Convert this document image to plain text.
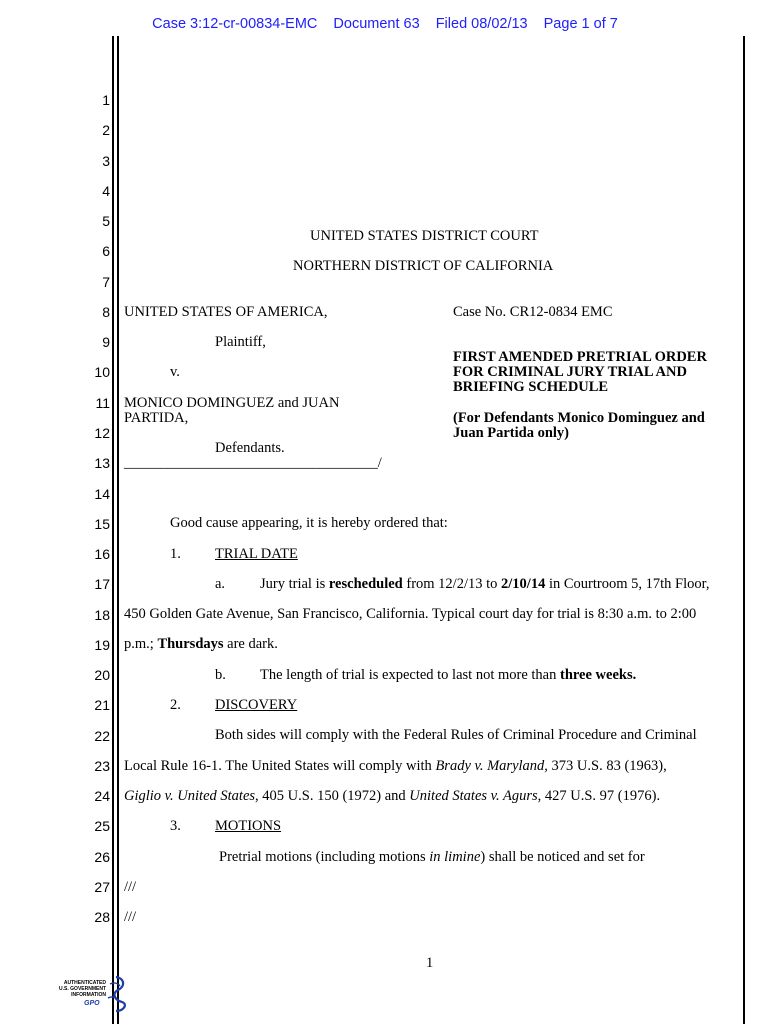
Case 3:12-cr-00834-EMC Document 63 Filed 08/02/13 Page 1 of 7
1
2
3
4
5
6
7
8
9
10
11
12
13
14
15
16
17
18
19
20
21
22
23
24
25
26
27
28
UNITED STATES DISTRICT COURT
NORTHERN DISTRICT OF CALIFORNIA
UNITED STATES OF AMERICA,
Plaintiff,
v.
MONICO DOMINGUEZ and JUAN
PARTIDA,
Defendants.
___________________________________/
Case No. CR12-0834 EMC
FIRST AMENDED PRETRIAL ORDER
FOR CRIMINAL JURY TRIAL AND
BRIEFING SCHEDULE
(For Defendants Monico Dominguez and
Juan Partida only)
Good cause appearing, it is hereby ordered that:
1. TRIAL DATE
a. Jury trial is rescheduled from 12/2/13 to 2/10/14 in Courtroom 5, 17th Floor,
450 Golden Gate Avenue, San Francisco, California. Typical court day for trial is 8:30 a.m. to 2:00
p.m.; Thursdays are dark.
b. The length of trial is expected to last not more than three weeks.
2. DISCOVERY
Both sides will comply with the Federal Rules of Criminal Procedure and Criminal
Local Rule 16-1. The United States will comply with Brady v. Maryland, 373 U.S. 83 (1963),
Giglio v. United States, 405 U.S. 150 (1972) and United States v. Agurs, 427 U.S. 97 (1976).
3. MOTIONS
Pretrial motions (including motions in limine) shall be noticed and set for
///
///
1
AUTHENTICATED
U.S. GOVERNMENT
INFORMATION
GPO
